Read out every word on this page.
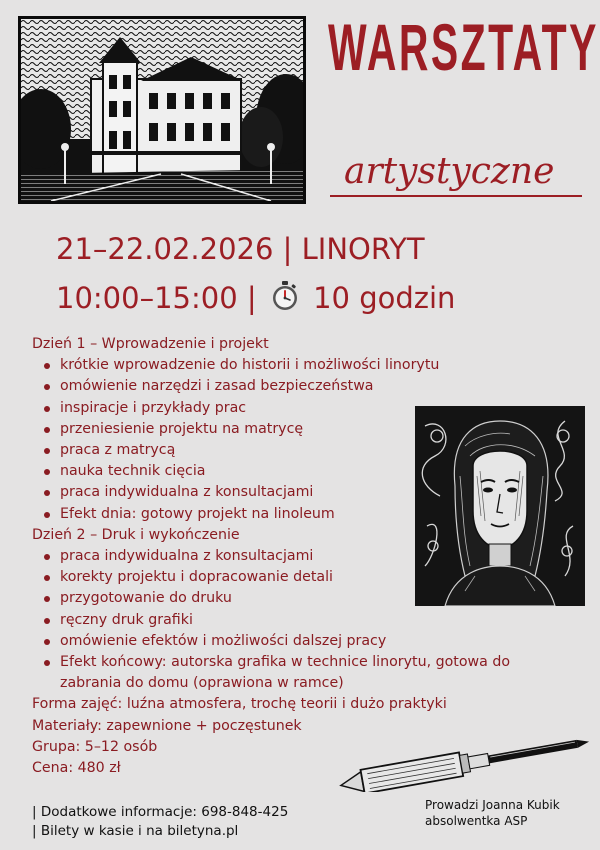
WARSZTATY
artystyczne
21–22.02.2026 | LINORYT
10:00–15:00 | 10 godzin
Dzień 1 – Wprowadzenie i projekt
krótkie wprowadzenie do historii i możliwości linorytu
omówienie narzędzi i zasad bezpieczeństwa
inspiracje i przykłady prac
przeniesienie projektu na matrycę
praca z matrycą
nauka technik cięcia
praca indywidualna z konsultacjami
Efekt dnia: gotowy projekt na linoleum
Dzień 2 – Druk i wykończenie
praca indywidualna z konsultacjami
korekty projektu i dopracowanie detali
przygotowanie do druku
ręczny druk grafiki
omówienie efektów i możliwości dalszej pracy
Efekt końcowy: autorska grafika w technice linorytu, gotowa do zabrania do domu (oprawiona w ramce)
Forma zajęć: luźna atmosfera, trochę teorii i dużo praktyki
Materiały: zapewnione + poczęstunek
Grupa: 5–12 osób
Cena: 480 zł
| Dodatkowe informacje: 698-848-425
| Bilety w kasie i na biletyna.pl
Prowadzi Joanna Kubik
absolwentka ASP
